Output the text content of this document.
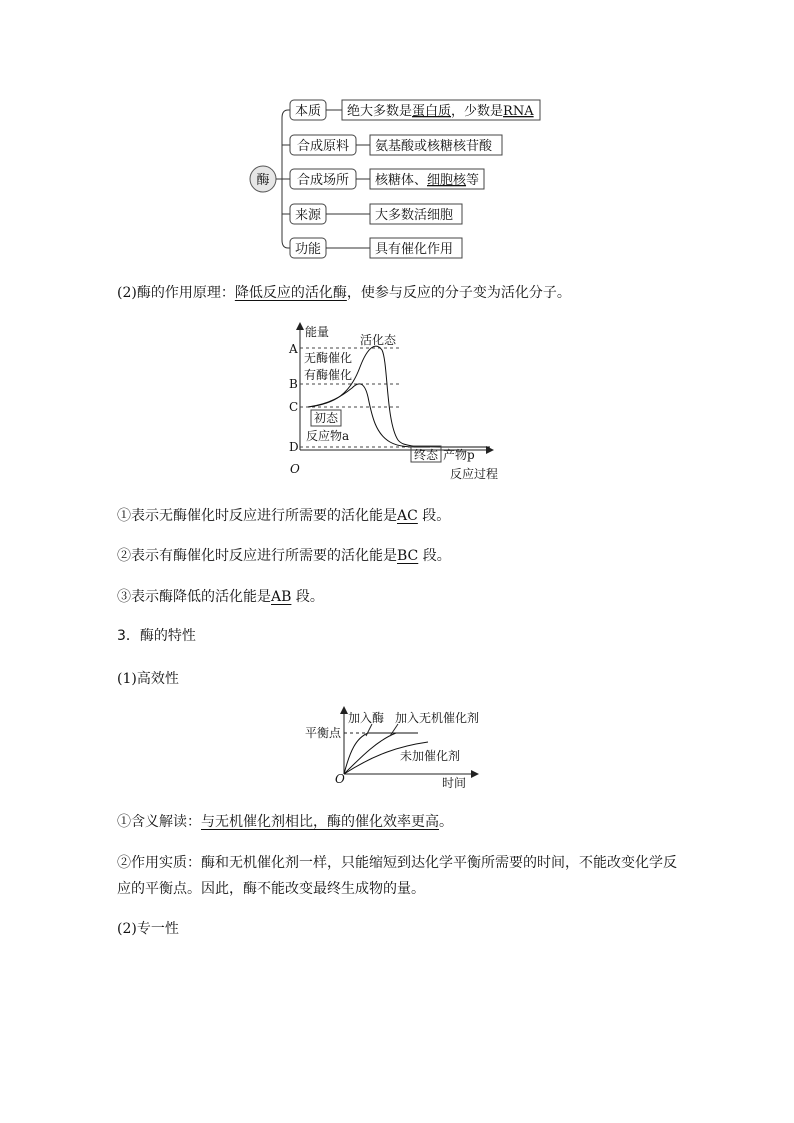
酶
本质
合成原料
合成场所
来源
功能
绝大多数是蛋白质，少数是RNA
氨基酸或核糖核苷酸
核糖体、细胞核等
大多数活细胞
具有催化作用
(2)酶的作用原理：降低反应的活化酶，使参与反应的分子变为活化分子。
能量
A
B
C
D
O
活化态
无酶催化
有酶催化
初态
反应物a
终态 产物p
反应过程
①表示无酶催化时反应进行所需要的活化能是AC 段。
②表示有酶催化时反应进行所需要的活化能是BC 段。
③表示酶降低的活化能是AB 段。
3．酶的特性
(1)高效性
平衡点
加入酶 加入无机催化剂
未加催化剂
O	时间
①含义解读：与无机催化剂相比，酶的催化效率更高。
②作用实质：酶和无机催化剂一样，只能缩短到达化学平衡所需要的时间，不能改变化学反
应的平衡点。因此，酶不能改变最终生成物的量。
(2)专一性
